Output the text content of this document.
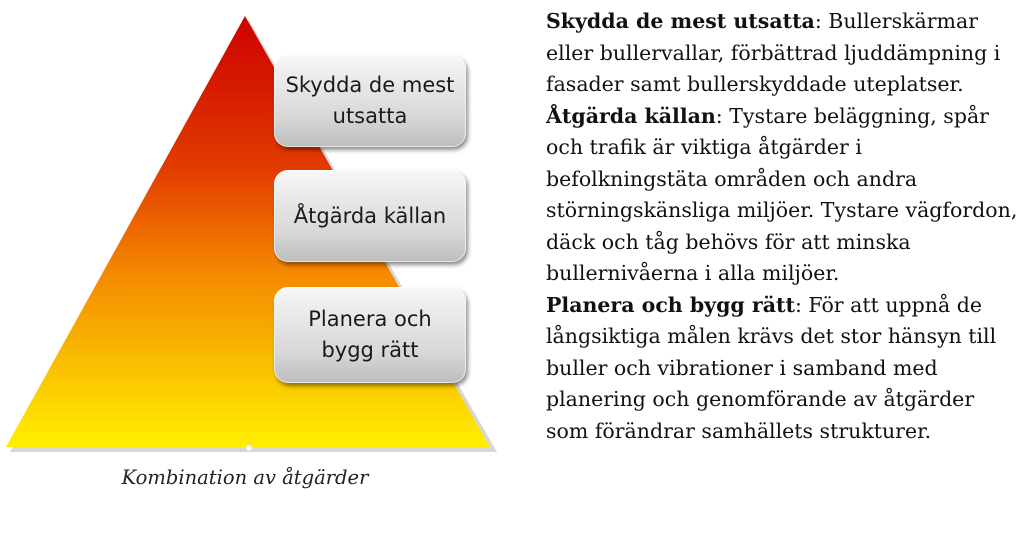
Skydda de mest utsatta
Åtgärda källan
Planera och bygg rätt
Kombination av åtgärder

Skydda de mest utsatta: Bullerskärmar eller bullervallar, förbättrad ljuddämpning i fasader samt bullerskyddade uteplatser.

Åtgärda källan: Tystare beläggning, spår och trafik är viktiga åtgärder i befolkningstäta områden och andra störningskänsliga miljöer. Tystare vägfordon, däck och tåg behövs för att minska bullernivåerna i alla miljöer.

Planera och bygg rätt: För att uppnå de långsiktiga målen krävs det stor hänsyn till buller och vibrationer i samband med planering och genomförande av åtgärder som förändrar samhällets strukturer.
